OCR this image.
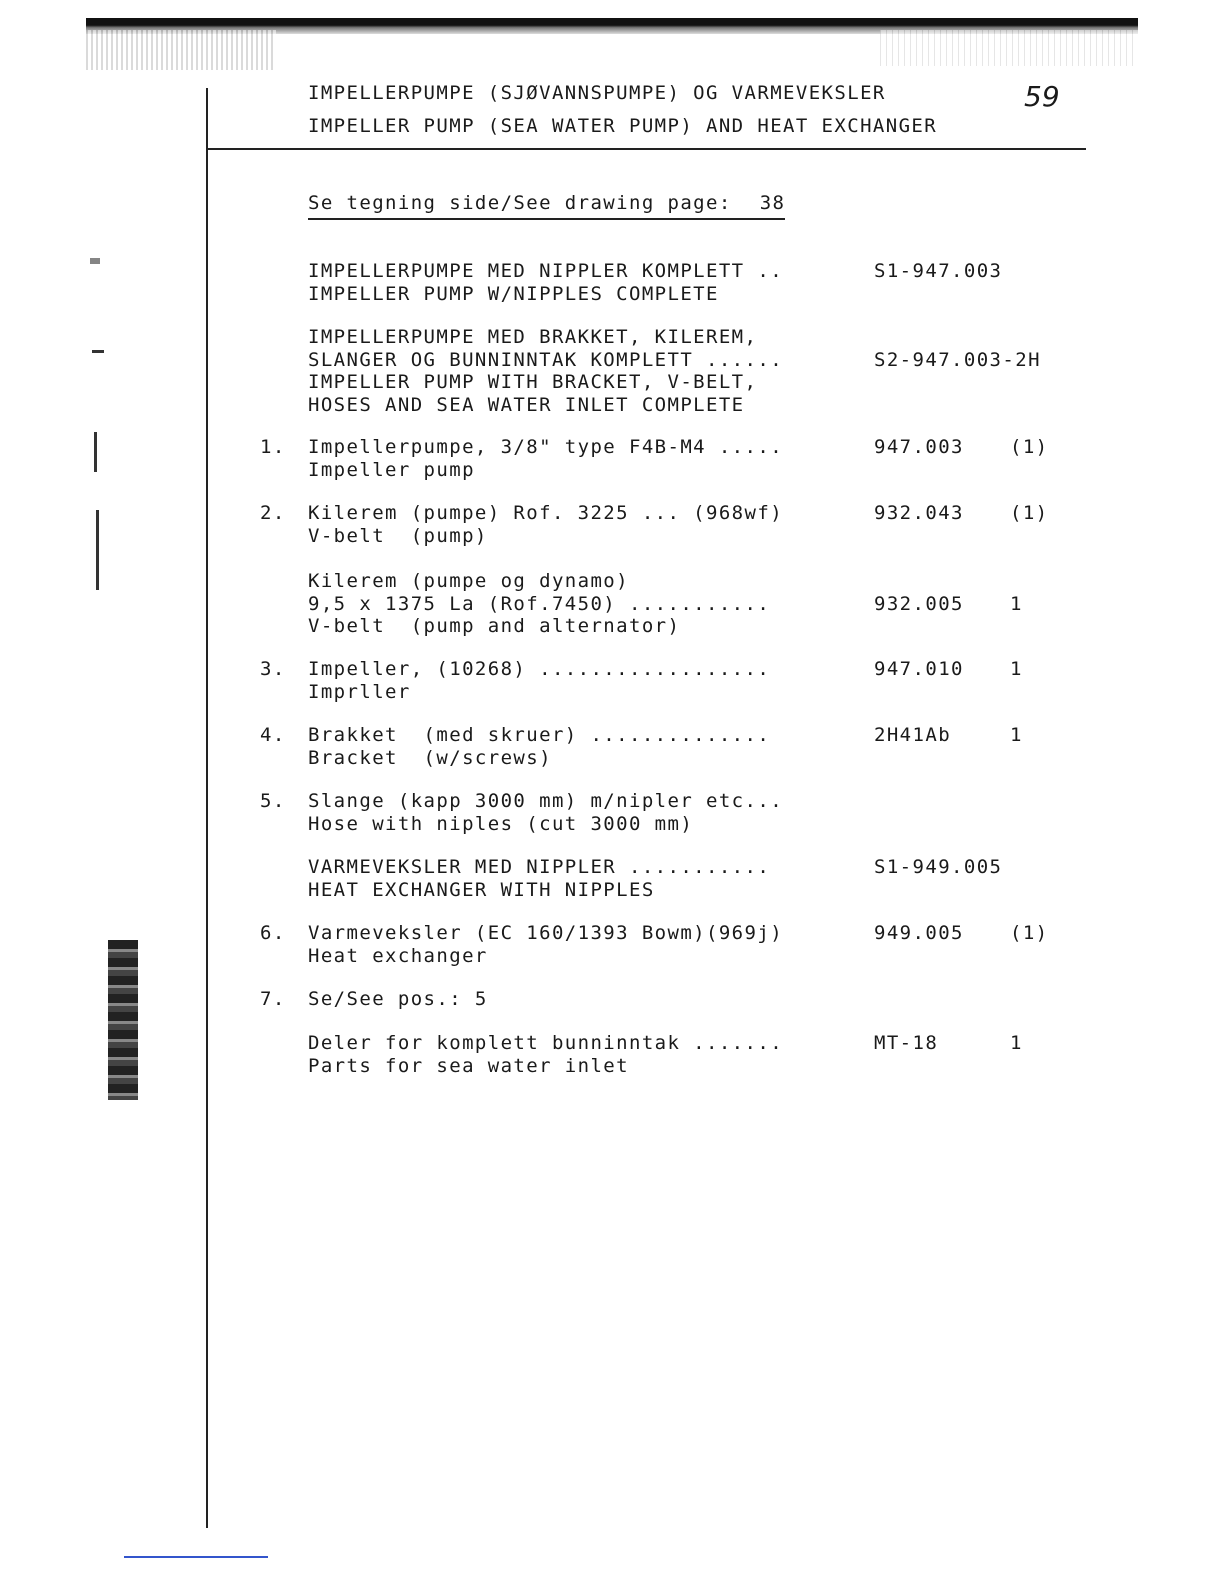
IMPELLERPUMPE (SJØVANNSPUMPE) OG VARMEVEKSLER
IMPELLER PUMP (SEA WATER PUMP) AND HEAT EXCHANGER
59
Se tegning side/See drawing page: 38
IMPELLERPUMPE MED NIPPLER KOMPLETT ..
IMPELLER PUMP W/NIPPLES COMPLETE
S1-947.003
IMPELLERPUMPE MED BRAKKET, KILEREM,
SLANGER OG BUNNINNTAK KOMPLETT ......
IMPELLER PUMP WITH BRACKET, V-BELT,
HOSES AND SEA WATER INLET COMPLETE
S2-947.003-2H
1. Impellerpumpe, 3/8" type F4B-M4 .....
Impeller pump
947.003 (1)
2. Kilerem (pumpe) Rof. 3225 ... (968wf)
V-belt  (pump)
932.043 (1)
Kilerem (pumpe og dynamo)
9,5 x 1375 La (Rof.7450) ...........
V-belt  (pump and alternator)
932.005 1
3. Impeller, (10268) ..................
Imprller
947.010 1
4. Brakket  (med skruer) ..............
Bracket  (w/screws)
2H41Ab	1
5. Slange (kapp 3000 mm) m/nipler etc...
Hose with niples (cut 3000 mm)
VARMEVEKSLER MED NIPPLER ...........
HEAT EXCHANGER WITH NIPPLES
S1-949.005
6. Varmeveksler (EC 160/1393 Bowm)(969j)
Heat exchanger
949.005 (1)
7. Se/See pos.: 5
Deler for komplett bunninntak .......
Parts for sea water inlet
MT-18	1
